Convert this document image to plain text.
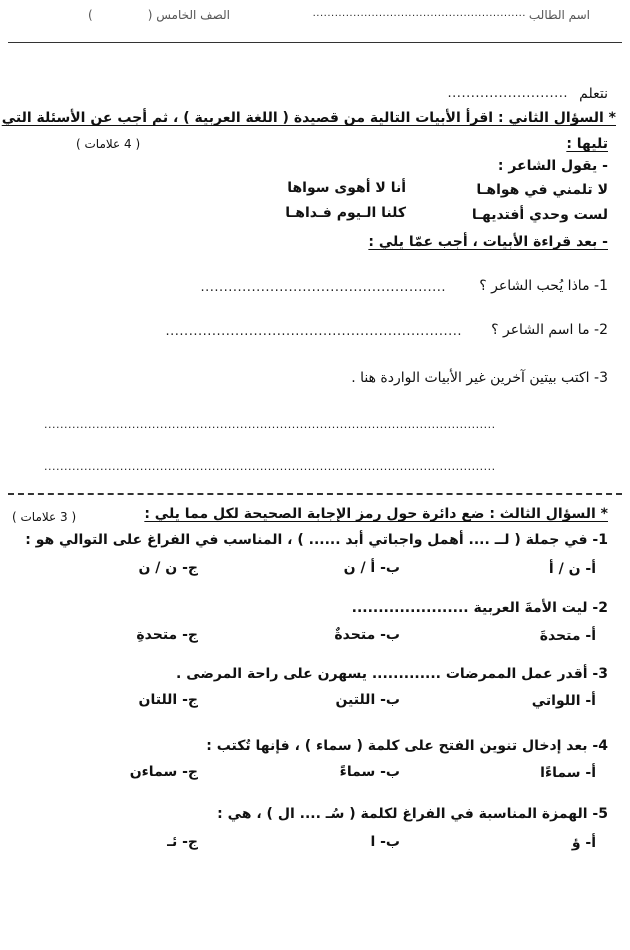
اسم الطالب
..........................................................
الصف الخامس (
)
نتعلم
..........................
* السؤال الثاني : اقرأ الأبيات التالية من قصيدة ( اللغة العربية ) ، ثم أجب عن الأسئلة التي
تليها :
( 4 علامات )
- يقول الشاعر :
لا تلمني في هواهـا
أنا لا أهوى سواها
لست وحدي أفتديهـا
كلنا الـيوم فـداهـا
- بعد قراءة الأبيات ، أجب عمّا يلي :
1- ماذا يُحب الشاعر ؟
.....................................................
2- ما اسم الشاعر ؟
................................................................
3- اكتب بيتين آخرين غير الأبيات الواردة هنا .
.................................................................................................................
.................................................................................................................
* السؤال الثالث : ضع دائرة حول رمز الإجابة الصحيحة لكل مما يلي :
( 3 علامات )
1- في جملة ( لــ .... أهمل واجباتي أبد ...... ) ، المناسب في الفراغ على التوالي هو :
أ- ن / أ
ب- أ / ن
ج- ن / ن
2- ليت الأمةَ العربية ......................
أ- متحدةَ
ب- متحدةٌ
ج- متحدةِ
3- أقدر عمل الممرضات ............. يسهرن على راحة المرضى .
أ- اللواتي
ب- اللتين
ج- اللتان
4- بعد إدخال تنوين الفتح على كلمة ( سماء ) ، فإنها تُكتب :
أ- سماءًا
ب- سماءً
ج- سماءن
5- الهمزة المناسبة في الفراغ لكلمة ( سُـ .... ال ) ، هي :
أ- ؤ
ب- ا
ج- ئـ
